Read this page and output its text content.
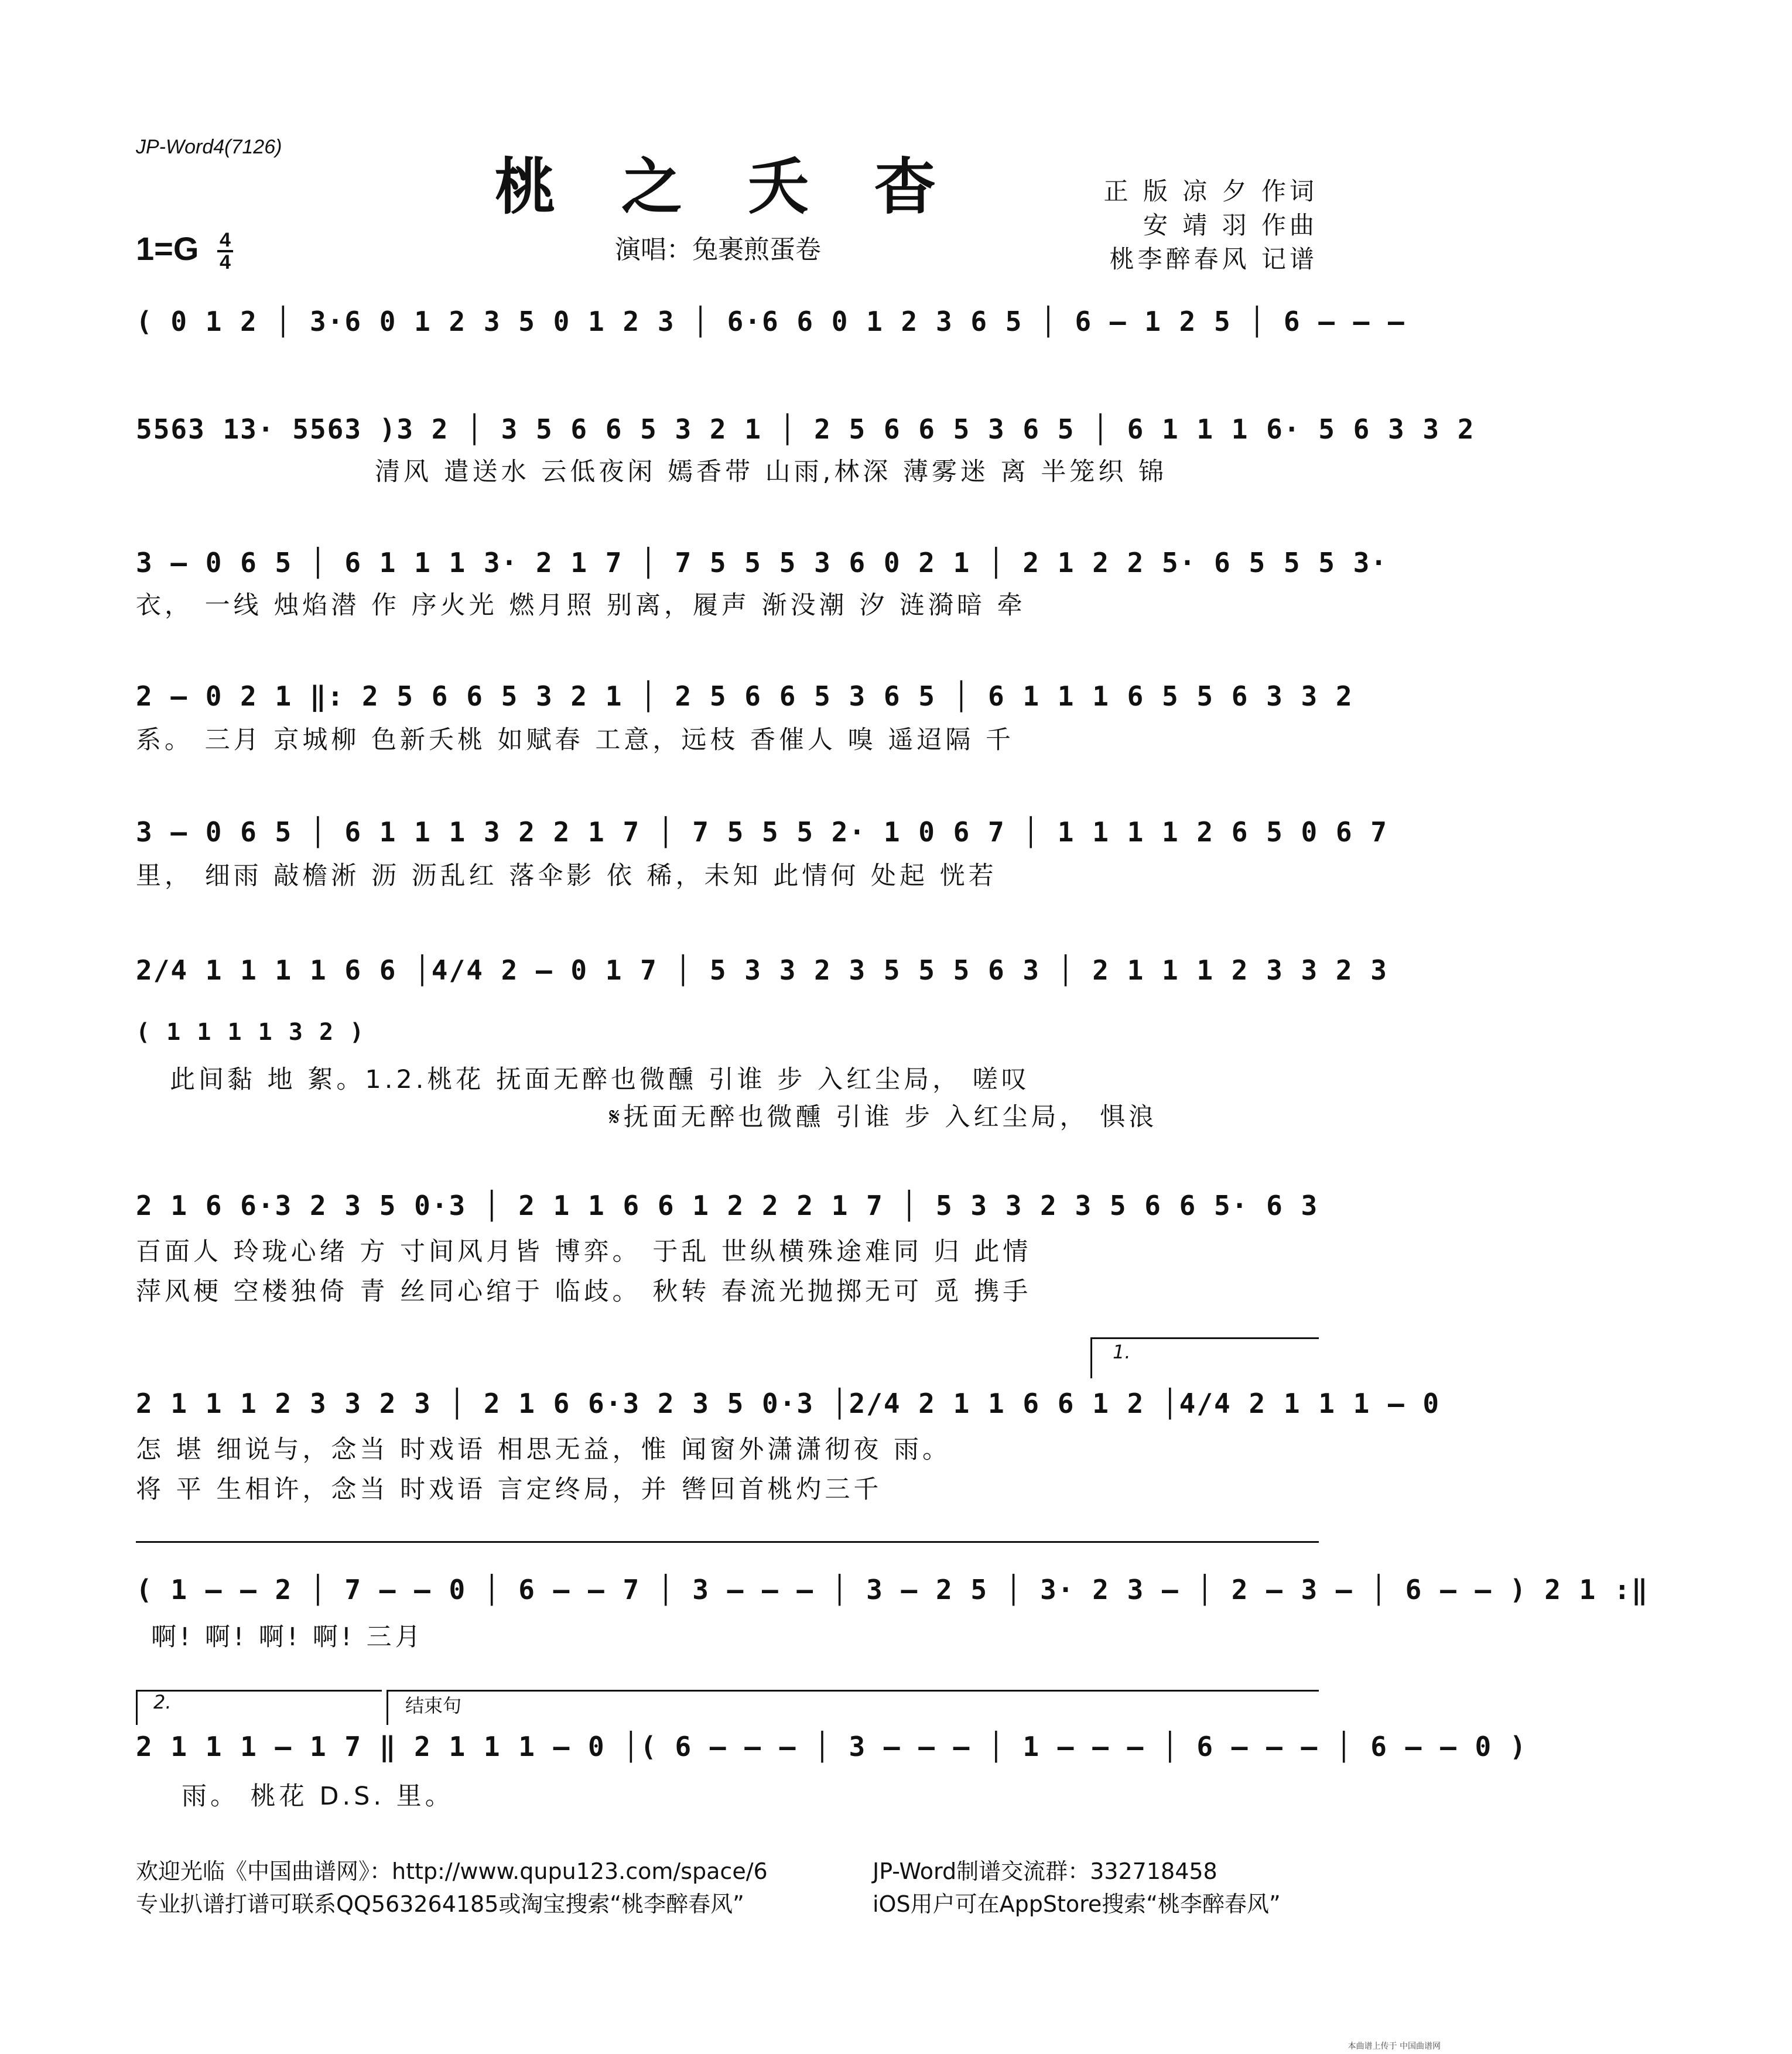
JP-Word4(7126)
桃 之 夭 杳
$1=G \frac{4}{4}$	演唱：兔裹煎蛋卷
正 版 凉 夕 作词
安 靖 羽 作曲
桃李醉春风 记谱
( 0 1 2 │ 3·6 0 1 2 3 5 0 1 2 3 │ 6·6 6 0 1 2 3 6 5 │ 6 – 1 2 5 │ 6 – – –
5563 13· 5563 )3 2 │ 3 5 6 6 5 3 2 1 │ 2 5 6 6 5 3 6 5 │ 6 1 1 1 6· 5 6 3 3 2
清风 遣送水 云低夜闲 嫣香带 山雨,林深 薄雾迷 离 半笼织 锦
3 – 0 6 5 │ 6 1 1 1 3· 2 1 7 │ 7 5 5 5 3 6 0 2 1 │ 2 1 2 2 5· 6 5 5 5 3·
衣， 一线 烛焰潜 作 序火光 燃月照 别离，履声 渐没潮 汐 涟漪暗 牵
2 – 0 2 1 ‖: 2 5 6 6 5 3 2 1 │ 2 5 6 6 5 3 6 5 │ 6 1 1 1 6 5 5 6 3 3 2
系。 三月 京城柳 色新夭桃 如赋春 工意，远枝 香催人 嗅 遥迢隔 千
3 – 0 6 5 │ 6 1 1 1 3 2 2 1 7 │ 7 5 5 5 2· 1 0 6 7 │ 1 1 1 1 2 6 5 0 6 7
里， 细雨 敲檐淅 沥 沥乱红 落伞影 依 稀，未知 此情何 处起 恍若
2/4 1 1 1 1 6 6 │4/4 2 – 0 1 7 │ 5 3 3 2 3 5 5 5 6 3 │ 2 1 1 1 2 3 3 2 3
( 1 1 1 1 3 2 )
此间黏 地 絮。1.2.桃花 抚面无醉也微醺 引谁 步 入红尘局， 嗟叹
𝄋抚面无醉也微醺 引谁 步 入红尘局， 惧浪
2 1 6 6·3 2 3 5 0·3 │ 2 1 1 6 6 1 2 2 2 1 7 │ 5 3 3 2 3 5 6 6 5· 6 3
百面人 玲珑心绪 方 寸间风月皆 博弈。 于乱 世纵横殊途难同 归 此情
萍风梗 空楼独倚 青 丝同心绾于 临歧。 秋转 春流光抛掷无可 觅 携手
1.
2 1 1 1 2 3 3 2 3 │ 2 1 6 6·3 2 3 5 0·3 │2/4 2 1 1 6 6 1 2 │4/4 2 1 1 1 – 0
怎 堪 细说与，念当 时戏语 相思无益，惟 闻窗外潇潇彻夜 雨。
将 平 生相许，念当 时戏语 言定终局，并 辔回首桃灼三千
( 1 – – 2 │ 7 – – 0 │ 6 – – 7 │ 3 – – – │ 3 – 2 5 │ 3· 2 3 – │ 2 – 3 – │ 6 – – ) 2 1 :‖
啊! 啊! 啊! 啊! 三月
2.	结束句
2 1 1 1 – 1 7 ‖ 2 1 1 1 – 0 │( 6 – – – │ 3 – – – │ 1 – – – │ 6 – – – │ 6 – – 0 )
雨。 桃花 D.S. 里。
欢迎光临《中国曲谱网》：http://www.qupu123.com/space/6
专业扒谱打谱可联系QQ563264185或淘宝搜索“桃李醉春风”
JP-Word制谱交流群：332718458
iOS用户可在AppStore搜索“桃李醉春风”
本曲谱上传于 中国曲谱网
